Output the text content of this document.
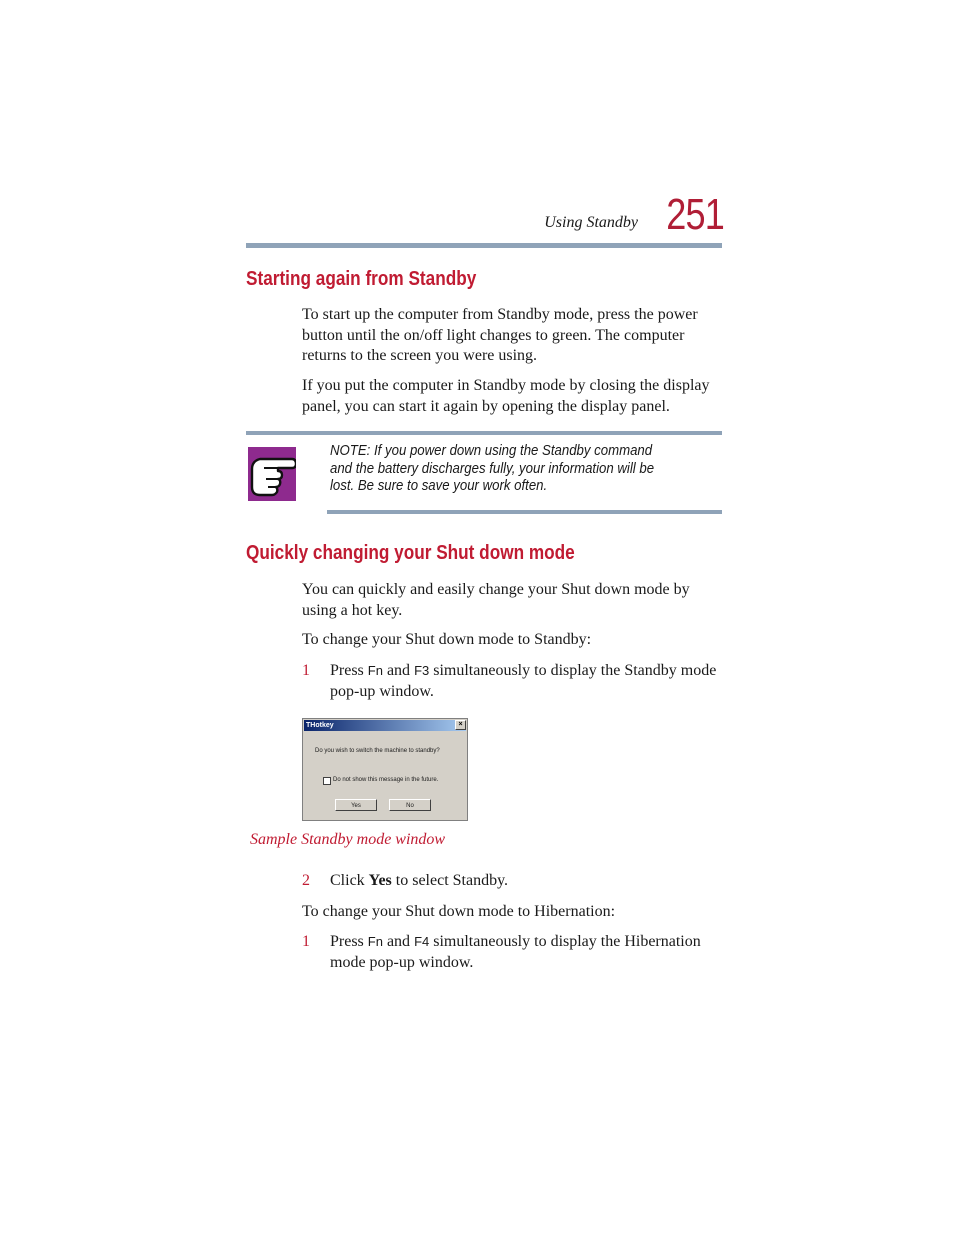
Using Standby 251
Starting again from Standby
To start up the computer from Standby mode, press the power button until the on/off light changes to green. The computer returns to the screen you were using.
If you put the computer in Standby mode by closing the display panel, you can start it again by opening the display panel.
NOTE: If you power down using the Standby command and the battery discharges fully, your information will be lost. Be sure to save your work often.
Quickly changing your Shut down mode
You can quickly and easily change your Shut down mode by using a hot key.
To change your Shut down mode to Standby:
1	Press Fn and F3 simultaneously to display the Standby mode pop-up window.
THotkey	×
Do you wish to switch the machine to standby?
Do not show this message in the future.
Yes	No
Sample Standby mode window
2	Click Yes to select Standby.
To change your Shut down mode to Hibernation:
1	Press Fn and F4 simultaneously to display the Hibernation mode pop-up window.
